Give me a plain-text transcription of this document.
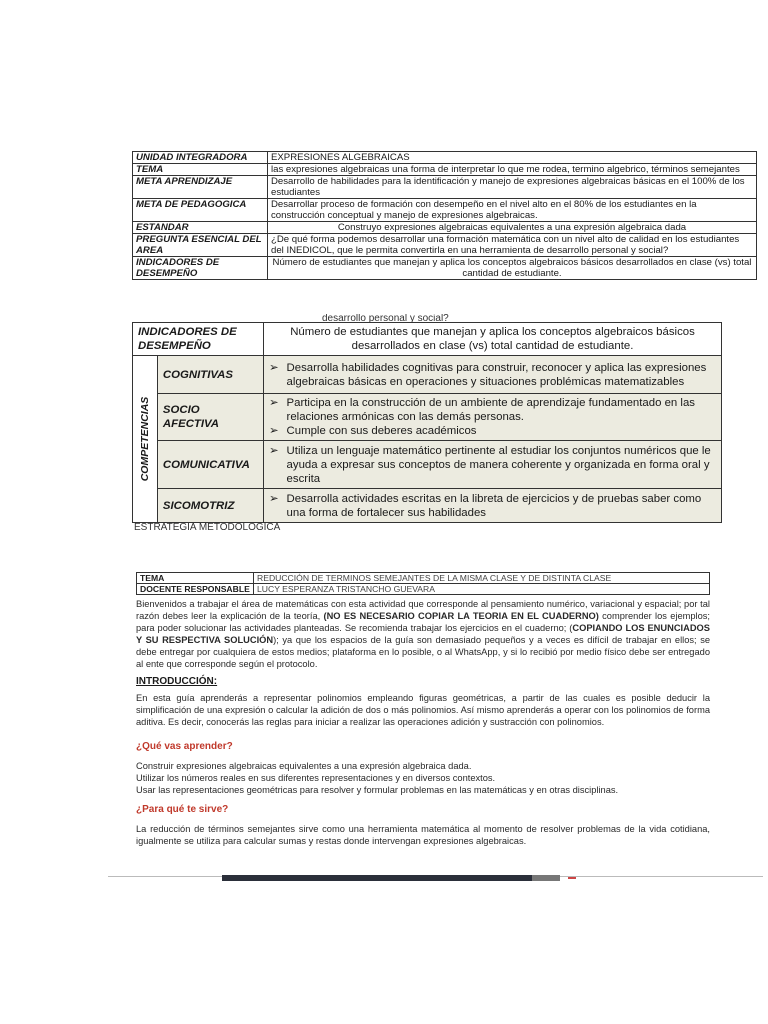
UNIDAD INTEGRADORA	EXPRESIONES ALGEBRAICAS
TEMA	las expresiones algebraicas una forma de interpretar lo que me rodea, termino algebrico, términos semejantes
META APRENDIZAJE	Desarrollo de habilidades para la identificación y manejo de expresiones algebraicas básicas en el 100% de los estudiantes
META DE PEDAGOGICA	Desarrollar proceso de formación con desempeño en el nivel alto en el 80% de los estudiantes en la construcción conceptual y manejo de expresiones algebraicas.
ESTANDAR	Construyo expresiones algebraicas equivalentes a una expresión algebraica dada
PREGUNTA ESENCIAL DEL AREA	¿De qué forma podemos desarrollar una formación matemática con un nivel alto de calidad en los estudiantes del INEDICOL, que le permita convertirla en una herramienta de desarrollo personal y social?
INDICADORES DE DESEMPEÑO	Número de estudiantes que manejan y aplica los conceptos algebraicos básicos desarrollados en clase (vs) total cantidad de estudiante.
desarrollo personal y social?
INDICADORES DE DESEMPEÑO		Número de estudiantes que manejan y aplica los conceptos algebraicos básicos desarrollados en clase (vs) total cantidad de estudiante.

COMPETENCIAS	COGNITIVAS	➢ Desarrolla habilidades cognitivas para construir, reconocer y aplica las expresiones algebraicas básicas en operaciones y situaciones problémicas matematizables

	SOCIO AFECTIVA	➢ Participa en la construcción de un ambiente de aprendizaje fundamentado en las relaciones armónicas con las demás personas.
➢ Cumple con sus deberes académicos

	COMUNICATIVA	➢ Utiliza un lenguaje matemático pertinente al estudiar los conjuntos numéricos que le ayuda a expresar sus conceptos de manera coherente y organizada en forma oral y escrita

	SICOMOTRIZ	➢ Desarrolla actividades escritas en la libreta de ejercicios y de pruebas saber como una forma de fortalecer sus habilidades
ESTRATEGIA METODOLOGICA
TEMA	REDUCCIÓN DE TERMINOS SEMEJANTES DE LA MISMA CLASE Y DE DISTINTA CLASE
DOCENTE RESPONSABLE	LUCY ESPERANZA TRISTANCHO GUEVARA

Bienvenidos a trabajar el área de matemáticas con esta actividad que corresponde al pensamiento numérico, variacional y espacial; por tal razón debes leer la explicación de la teoría, (NO ES NECESARIO COPIAR LA TEORIA EN EL CUADERNO) comprender los ejemplos; para poder solucionar las actividades planteadas. Se recomienda trabajar los ejercicios en el cuaderno; (COPIANDO LOS ENUNCIADOS Y SU RESPECTIVA SOLUCIÓN); ya que los espacios de la guía son demasiado pequeños y a veces es difícil de trabajar en ellos; se debe entregar por cualquiera de estos medios; plataforma en lo posible, o al WhatsApp, y si lo recibió por medio físico debe ser entregado al ente que corresponde según el protocolo.

INTRODUCCIÓN:

En esta guía aprenderás a representar polinomios empleando figuras geométricas, a partir de las cuales es posible deducir la simplificación de una expresión o calcular la adición de dos o más polinomios. Así mismo aprenderás a operar con los polinomios de forma aditiva. Es decir, conocerás las reglas para iniciar a realizar las operaciones adición y sustracción con polinomios.

¿Qué vas aprender?

Construir expresiones algebraicas equivalentes a una expresión algebraica dada.

Utilizar los números reales en sus diferentes representaciones y en diversos contextos.

Usar las representaciones geométricas para resolver y formular problemas en las matemáticas y en otras disciplinas.

¿Para qué te sirve?

La reducción de términos semejantes sirve como una herramienta matemática al momento de resolver problemas de la vida cotidiana, igualmente se utiliza para calcular sumas y restas donde intervengan expresiones algebraicas.
